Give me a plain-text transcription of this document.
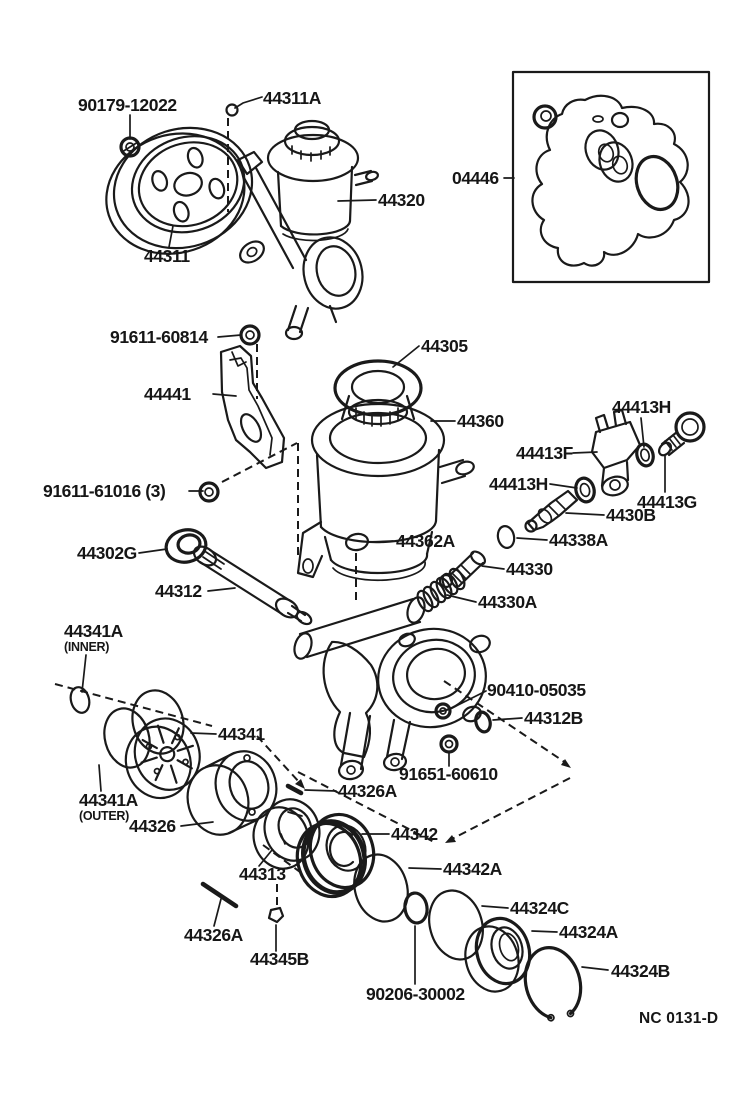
90179-12022	44311A
44320
04446
44311
91611-60814	44305
44441
44360
44413H
44413F
44413H
44413G
4430B
44338A
91611-61016 (3)
44302G
44362A
44330
44312
44330A
44341A
(INNER)
90410-05035
44312B
44341
91651-60610
44341A
(OUTER)
44326A
44326	44342
44313	44342A
44324C
44324A
44324B
44326A
44345B
90206-30002
NC 0131-D
